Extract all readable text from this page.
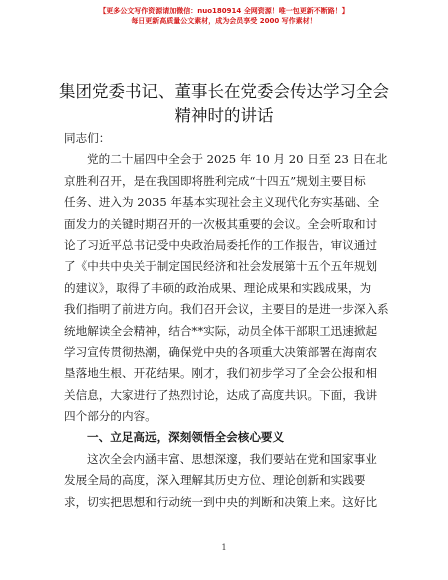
【更多公文写作资源请加微信：nuo180914 全网资源！唯一包更新不断路！】
每日更新高质量公文素材，成为会员享受 2000 写作素材！
集团党委书记、董事长在党委会传达学习全会
精神时的讲话
同志们：
党的二十届四中全会于 2025 年 10 月 20 日至 23 日在北
京胜利召开，是在我国即将胜利完成“十四五”规划主要目标
任务、进入为 2035 年基本实现社会主义现代化夯实基础、全
面发力的关键时期召开的一次极其重要的会议。全会听取和讨
论了习近平总书记受中央政治局委托作的工作报告，审议通过
了《中共中央关于制定国民经济和社会发展第十五个五年规划
的建议》，取得了丰硕的政治成果、理论成果和实践成果，为
我们指明了前进方向。我们召开会议，主要目的是进一步深入系
统地解读全会精神，结合**实际，动员全体干部职工迅速掀起
学习宣传贯彻热潮，确保党中央的各项重大决策部署在海南农
垦落地生根、开花结果。刚才，我们初步学习了全会公报和相
关信息，大家进行了热烈讨论，达成了高度共识。下面，我讲
四个部分的内容。
一、立足高远，深刻领悟全会核心要义
这次全会内涵丰富、思想深邃，我们要站在党和国家事业
发展全局的高度，深入理解其历史方位、理论创新和实践要
求，切实把思想和行动统一到中央的判断和决策上来。这好比
1
